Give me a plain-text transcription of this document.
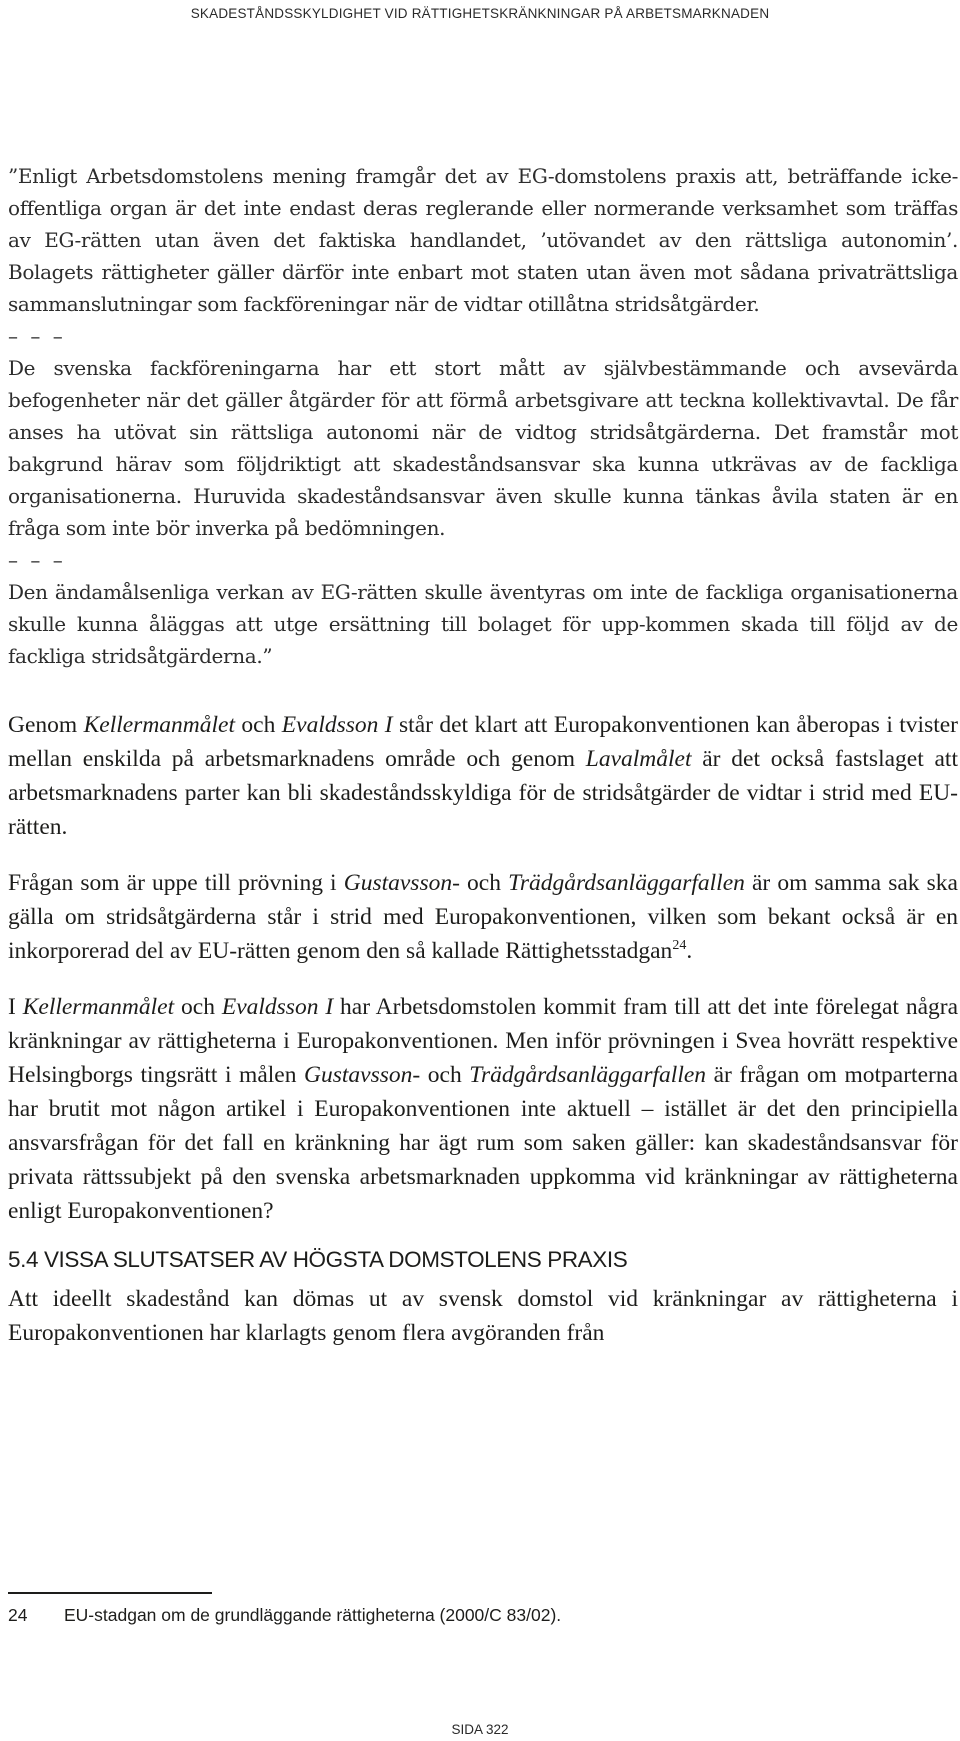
SKADESTÅNDSSKYLDIGHET VID RÄTTIGHETSKRÄNKNINGAR PÅ ARBETSMARKNADEN

”Enligt Arbetsdomstolens mening framgår det av EG-domstolens praxis att, beträffande icke-offentliga organ är det inte endast deras reglerande eller normerande verksamhet som träffas av EG-rätten utan även det faktiska handlandet, ’utövandet av den rättsliga autonomin’. Bolagets rättigheter gäller därför inte enbart mot staten utan även mot sådana privaträttsliga sammanslutningar som fackföreningar när de vidtar otillåtna stridsåtgärder.

– – –

De svenska fackföreningarna har ett stort mått av självbestämmande och avsevärda befogenheter när det gäller åtgärder för att förmå arbetsgivare att teckna kollektivavtal. De får anses ha utövat sin rättsliga autonomi när de vidtog stridsåtgärderna. Det framstår mot bakgrund härav som följdriktigt att skadeståndsansvar ska kunna utkrävas av de fackliga organisationerna. Huruvida skadeståndsansvar även skulle kunna tänkas åvila staten är en fråga som inte bör inverka på bedömningen.

– – –

Den ändamålsenliga verkan av EG-rätten skulle äventyras om inte de fackliga organisationerna skulle kunna åläggas att utge ersättning till bolaget för upp-kommen skada till följd av de fackliga stridsåtgärderna.”

Genom Kellermanmålet och Evaldsson I står det klart att Europakonventionen kan åberopas i tvister mellan enskilda på arbetsmarknadens område och genom Lavalmålet är det också fastslaget att arbetsmarknadens parter kan bli skadeståndsskyldiga för de stridsåtgärder de vidtar i strid med EU-rätten.

Frågan som är uppe till prövning i Gustavsson- och Trädgårdsanläggarfallen är om samma sak ska gälla om stridsåtgärderna står i strid med Europakonventionen, vilken som bekant också är en inkorporerad del av EU-rätten genom den så kallade Rättighetsstadgan$^{24}$.

I Kellermanmålet och Evaldsson I har Arbetsdomstolen kommit fram till att det inte förelegat några kränkningar av rättigheterna i Europakonventionen. Men inför prövningen i Svea hovrätt respektive Helsingborgs tingsrätt i målen Gustavsson- och Trädgårdsanläggarfallen är frågan om motparterna har brutit mot någon artikel i Europakonventionen inte aktuell – istället är det den principiella ansvarsfrågan för det fall en kränkning har ägt rum som saken gäller: kan skadeståndsansvar för privata rättssubjekt på den svenska arbetsmarknaden uppkomma vid kränkningar av rättigheterna enligt Europakonventionen?

5.4 VISSA SLUTSATSER AV HÖGSTA DOMSTOLENS PRAXIS

Att ideellt skadestånd kan dömas ut av svensk domstol vid kränkningar av rättigheterna i Europakonventionen har klarlagts genom flera avgöranden från

24 EU-stadgan om de grundläggande rättigheterna (2000/C 83/02).
SIDA 322
